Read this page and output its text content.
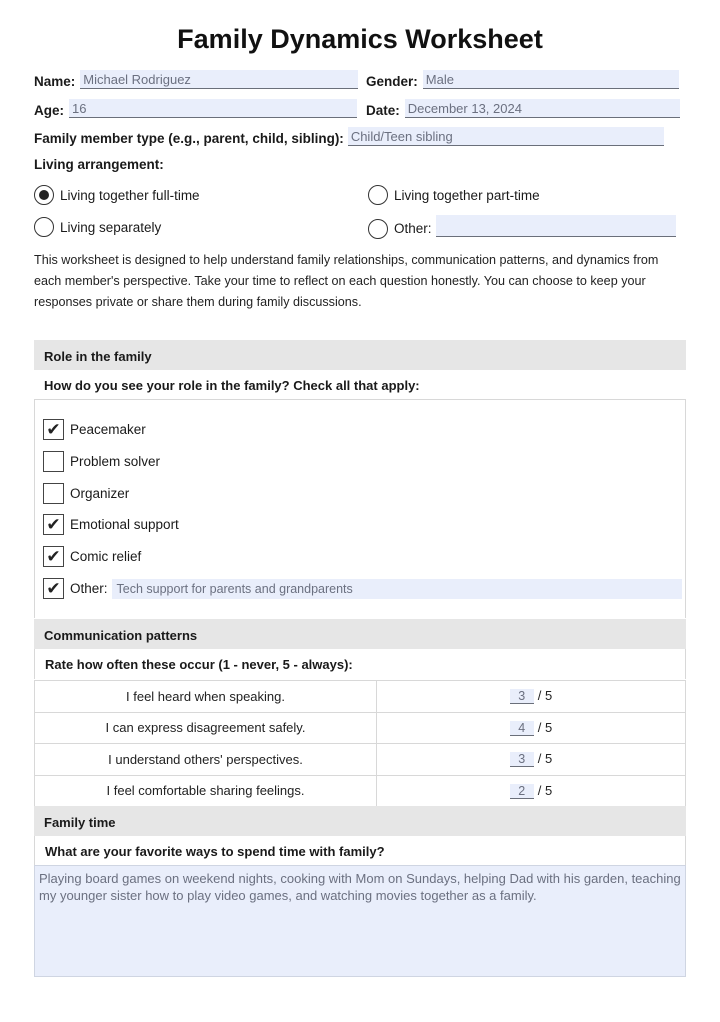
Family Dynamics Worksheet
Name: Michael Rodriguez	Gender: Male
Age: 16	Date: December 13, 2024
Family member type (e.g., parent, child, sibling): Child/Teen sibling
Living arrangement:
Living together full-time	Living together part-time
Living separately	Other:
This worksheet is designed to help understand family relationships, communication patterns, and dynamics from each member's perspective. Take your time to reflect on each question honestly. You can choose to keep your responses private or share them during family discussions.
Role in the family
How do you see your role in the family? Check all that apply:
✔ Peacemaker
Problem solver
Organizer
✔ Emotional support
✔ Comic relief
✔ Other: Tech support for parents and grandparents
Communication patterns
Rate how often these occur (1 - never, 5 - always):
I feel heard when speaking.	3 / 5
I can express disagreement safely.	4 / 5
I understand others' perspectives.	3 / 5
I feel comfortable sharing feelings.	2 / 5
Family time
What are your favorite ways to spend time with family?
Playing board games on weekend nights, cooking with Mom on Sundays, helping Dad with his garden, teaching my younger sister how to play video games, and watching movies together as a family.
